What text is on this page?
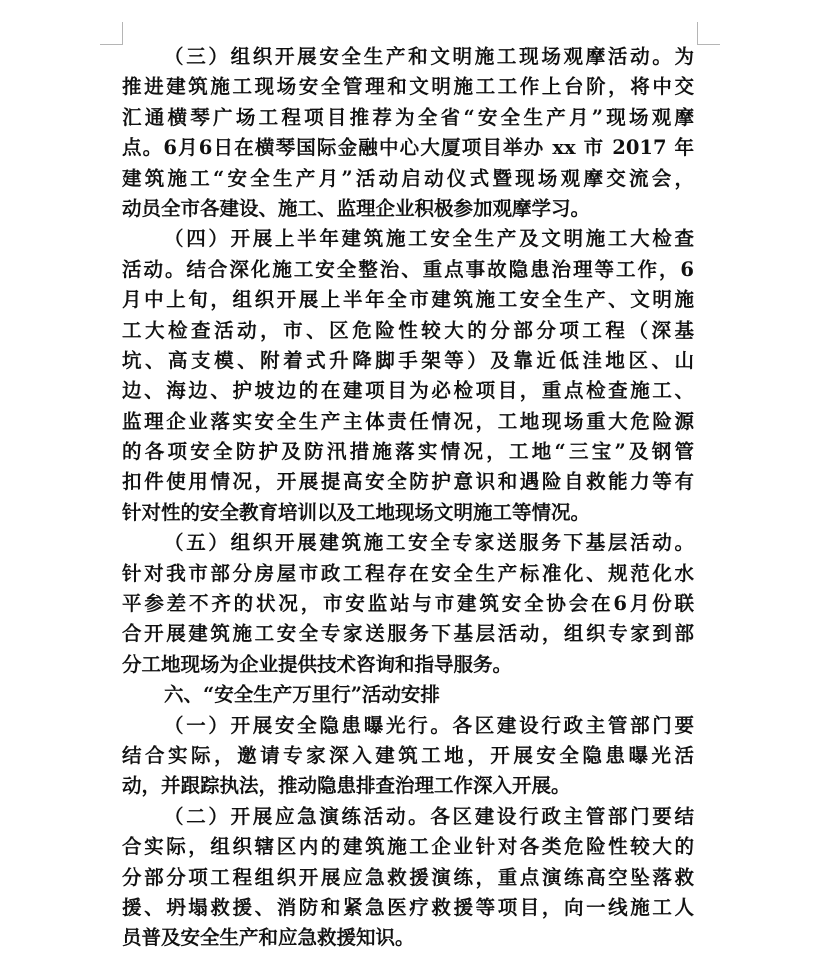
（三）组织开展安全生产和文明施工现场观摩活动。为
推进建筑施工现场安全管理和文明施工工作上台阶，将中交
汇通横琴广场工程项目推荐为全省“安全生产月”现场观摩
点。6月6日在横琴国际金融中心大厦项目举办 xx 市 2017 年
建筑施工“安全生产月”活动启动仪式暨现场观摩交流会，
动员全市各建设、施工、监理企业积极参加观摩学习。
（四）开展上半年建筑施工安全生产及文明施工大检查
活动。结合深化施工安全整治、重点事故隐患治理等工作，6
月中上旬，组织开展上半年全市建筑施工安全生产、文明施
工大检查活动，市、区危险性较大的分部分项工程（深基
坑、高支模、附着式升降脚手架等）及靠近低洼地区、山
边、海边、护坡边的在建项目为必检项目，重点检查施工、
监理企业落实安全生产主体责任情况，工地现场重大危险源
的各项安全防护及防汛措施落实情况，工地“三宝”及钢管
扣件使用情况，开展提高安全防护意识和遇险自救能力等有
针对性的安全教育培训以及工地现场文明施工等情况。
（五）组织开展建筑施工安全专家送服务下基层活动。
针对我市部分房屋市政工程存在安全生产标准化、规范化水
平参差不齐的状况，市安监站与市建筑安全协会在6月份联
合开展建筑施工安全专家送服务下基层活动，组织专家到部
分工地现场为企业提供技术咨询和指导服务。
六、“安全生产万里行”活动安排
（一）开展安全隐患曝光行。各区建设行政主管部门要
结合实际，邀请专家深入建筑工地，开展安全隐患曝光活
动，并跟踪执法，推动隐患排查治理工作深入开展。
（二）开展应急演练活动。各区建设行政主管部门要结
合实际，组织辖区内的建筑施工企业针对各类危险性较大的
分部分项工程组织开展应急救援演练，重点演练高空坠落救
援、坍塌救援、消防和紧急医疗救援等项目，向一线施工人
员普及安全生产和应急救援知识。
